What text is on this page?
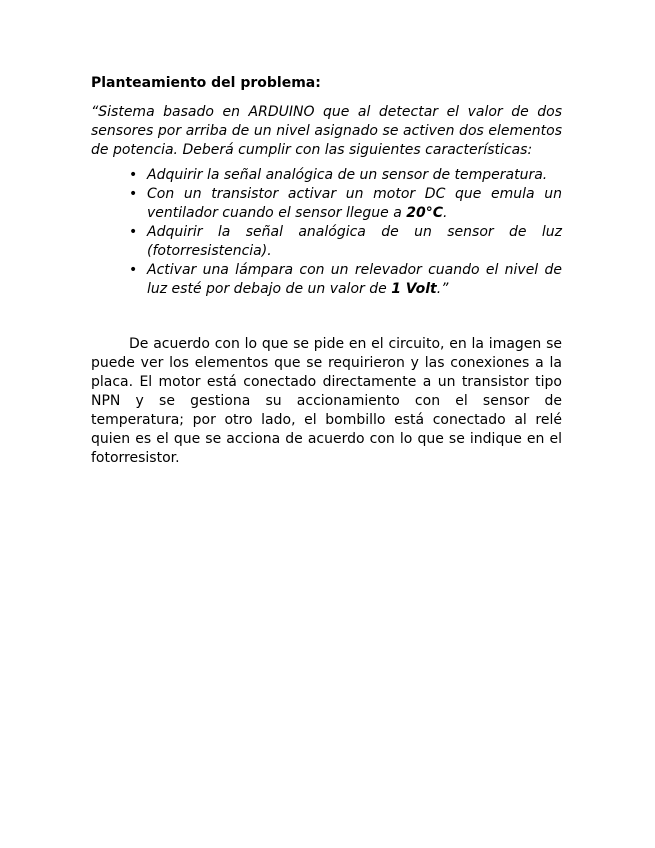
Planteamiento del problema:

“Sistema basado en ARDUINO que al detectar el valor de dos sensores por arriba de un nivel asignado se activen dos elementos de potencia. Deberá cumplir con las siguientes características:

• Adquirir la señal analógica de un sensor de temperatura.
• Con un transistor activar un motor DC que emula un ventilador cuando el sensor llegue a 20°C.
• Adquirir la señal analógica de un sensor de luz (fotorresistencia).
• Activar una lámpara con un relevador cuando el nivel de luz esté por debajo de un valor de 1 Volt.”

De acuerdo con lo que se pide en el circuito, en la imagen se puede ver los elementos que se requirieron y las conexiones a la placa. El motor está conectado directamente a un transistor tipo NPN y se gestiona su accionamiento con el sensor de temperatura; por otro lado, el bombillo está conectado al relé quien es el que se acciona de acuerdo con lo que se indique en el fotorresistor.
